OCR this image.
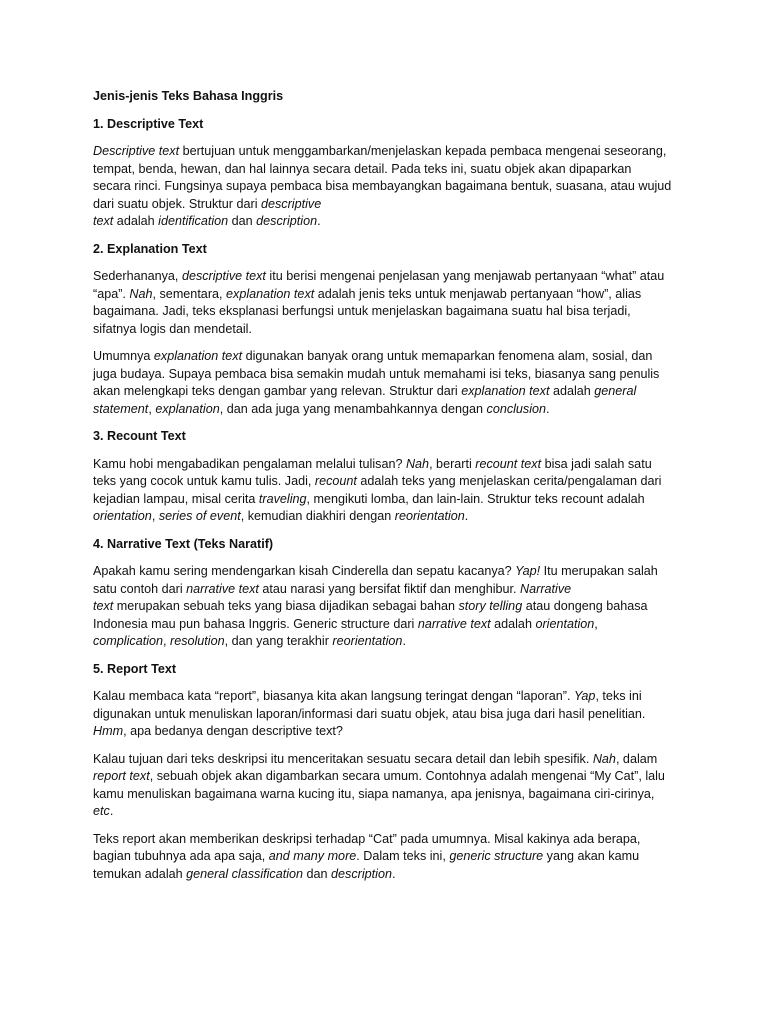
Jenis-jenis Teks Bahasa Inggris
1. Descriptive Text

Descriptive text bertujuan untuk menggambarkan/menjelaskan kepada pembaca mengenai seseorang, tempat, benda, hewan, dan hal lainnya secara detail. Pada teks ini, suatu objek akan dipaparkan secara rinci. Fungsinya supaya pembaca bisa membayangkan bagaimana bentuk, suasana, atau wujud dari suatu objek. Struktur dari descriptive
text adalah identification dan description.

2. Explanation Text

Sederhananya, descriptive text itu berisi mengenai penjelasan yang menjawab pertanyaan “what” atau “apa”. Nah, sementara, explanation text adalah jenis teks untuk menjawab pertanyaan “how”, alias bagaimana. Jadi, teks eksplanasi berfungsi untuk menjelaskan bagaimana suatu hal bisa terjadi, sifatnya logis dan mendetail.

Umumnya explanation text digunakan banyak orang untuk memaparkan fenomena alam, sosial, dan juga budaya. Supaya pembaca bisa semakin mudah untuk memahami isi teks, biasanya sang penulis akan melengkapi teks dengan gambar yang relevan. Struktur dari explanation text adalah general statement, explanation, dan ada juga yang menambahkannya dengan conclusion.

3. Recount Text

Kamu hobi mengabadikan pengalaman melalui tulisan? Nah, berarti recount text bisa jadi salah satu teks yang cocok untuk kamu tulis. Jadi, recount adalah teks yang menjelaskan cerita/pengalaman dari kejadian lampau, misal cerita traveling, mengikuti lomba, dan lain-lain. Struktur teks recount adalah orientation, series of event, kemudian diakhiri dengan reorientation.

4. Narrative Text (Teks Naratif)

Apakah kamu sering mendengarkan kisah Cinderella dan sepatu kacanya? Yap! Itu merupakan salah satu contoh dari narrative text atau narasi yang bersifat fiktif dan menghibur. Narrative
text merupakan sebuah teks yang biasa dijadikan sebagai bahan story telling atau dongeng bahasa Indonesia mau pun bahasa Inggris. Generic structure dari narrative text adalah orientation, complication, resolution, dan yang terakhir reorientation.

5. Report Text

Kalau membaca kata “report”, biasanya kita akan langsung teringat dengan “laporan”. Yap, teks ini digunakan untuk menuliskan laporan/informasi dari suatu objek, atau bisa juga dari hasil penelitian. Hmm, apa bedanya dengan descriptive text?

Kalau tujuan dari teks deskripsi itu menceritakan sesuatu secara detail dan lebih spesifik. Nah, dalam report text, sebuah objek akan digambarkan secara umum. Contohnya adalah mengenai “My Cat”, lalu kamu menuliskan bagaimana warna kucing itu, siapa namanya, apa jenisnya, bagaimana ciri-cirinya, etc.

Teks report akan memberikan deskripsi terhadap “Cat” pada umumnya. Misal kakinya ada berapa, bagian tubuhnya ada apa saja, and many more. Dalam teks ini, generic structure yang akan kamu temukan adalah general classification dan description.
